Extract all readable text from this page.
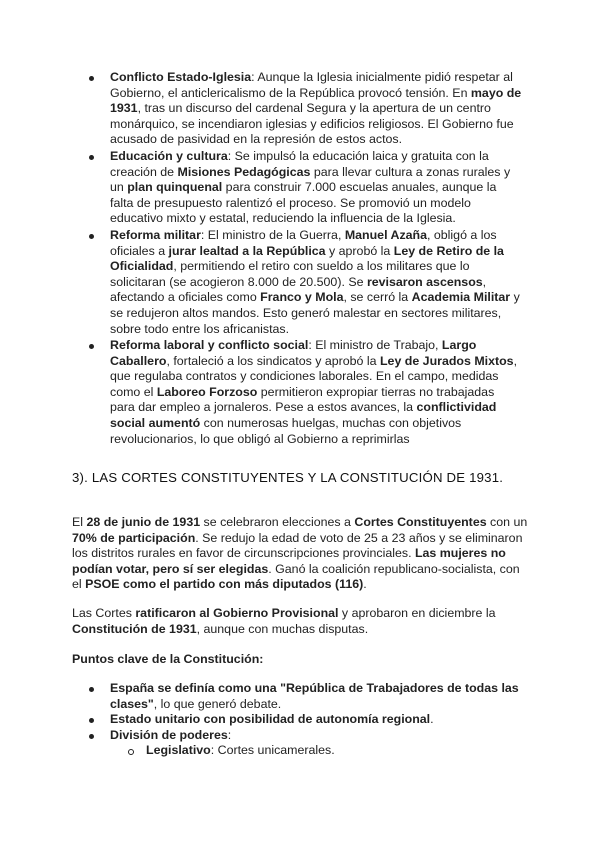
Conflicto Estado-Iglesia: Aunque la Iglesia inicialmente pidió respetar al Gobierno, el anticlericalismo de la República provocó tensión. En mayo de 1931, tras un discurso del cardenal Segura y la apertura de un centro monárquico, se incendiaron iglesias y edificios religiosos. El Gobierno fue acusado de pasividad en la represión de estos actos.
Educación y cultura: Se impulsó la educación laica y gratuita con la creación de Misiones Pedagógicas para llevar cultura a zonas rurales y un plan quinquenal para construir 7.000 escuelas anuales, aunque la falta de presupuesto ralentizó el proceso. Se promovió un modelo educativo mixto y estatal, reduciendo la influencia de la Iglesia.
Reforma militar: El ministro de la Guerra, Manuel Azaña, obligó a los oficiales a jurar lealtad a la República y aprobó la Ley de Retiro de la Oficialidad, permitiendo el retiro con sueldo a los militares que lo solicitaran (se acogieron 8.000 de 20.500). Se revisaron ascensos, afectando a oficiales como Franco y Mola, se cerró la Academia Militar y se redujeron altos mandos. Esto generó malestar en sectores militares, sobre todo entre los africanistas.
Reforma laboral y conflicto social: El ministro de Trabajo, Largo Caballero, fortaleció a los sindicatos y aprobó la Ley de Jurados Mixtos, que regulaba contratos y condiciones laborales. En el campo, medidas como el Laboreo Forzoso permitieron expropiar tierras no trabajadas para dar empleo a jornaleros. Pese a estos avances, la conflictividad social aumentó con numerosas huelgas, muchas con objetivos revolucionarios, lo que obligó al Gobierno a reprimirlas
3). LAS CORTES CONSTITUYENTES Y LA CONSTITUCIÓN DE 1931.

El 28 de junio de 1931 se celebraron elecciones a Cortes Constituyentes con un 70% de participación. Se redujo la edad de voto de 25 a 23 años y se eliminaron los distritos rurales en favor de circunscripciones provinciales. Las mujeres no podían votar, pero sí ser elegidas. Ganó la coalición republicano-socialista, con el PSOE como el partido con más diputados (116).

Las Cortes ratificaron al Gobierno Provisional y aprobaron en diciembre la Constitución de 1931, aunque con muchas disputas.

Puntos clave de la Constitución:

España se definía como una "República de Trabajadores de todas las clases", lo que generó debate.
Estado unitario con posibilidad de autonomía regional.
División de poderes:
Legislativo: Cortes unicamerales.
